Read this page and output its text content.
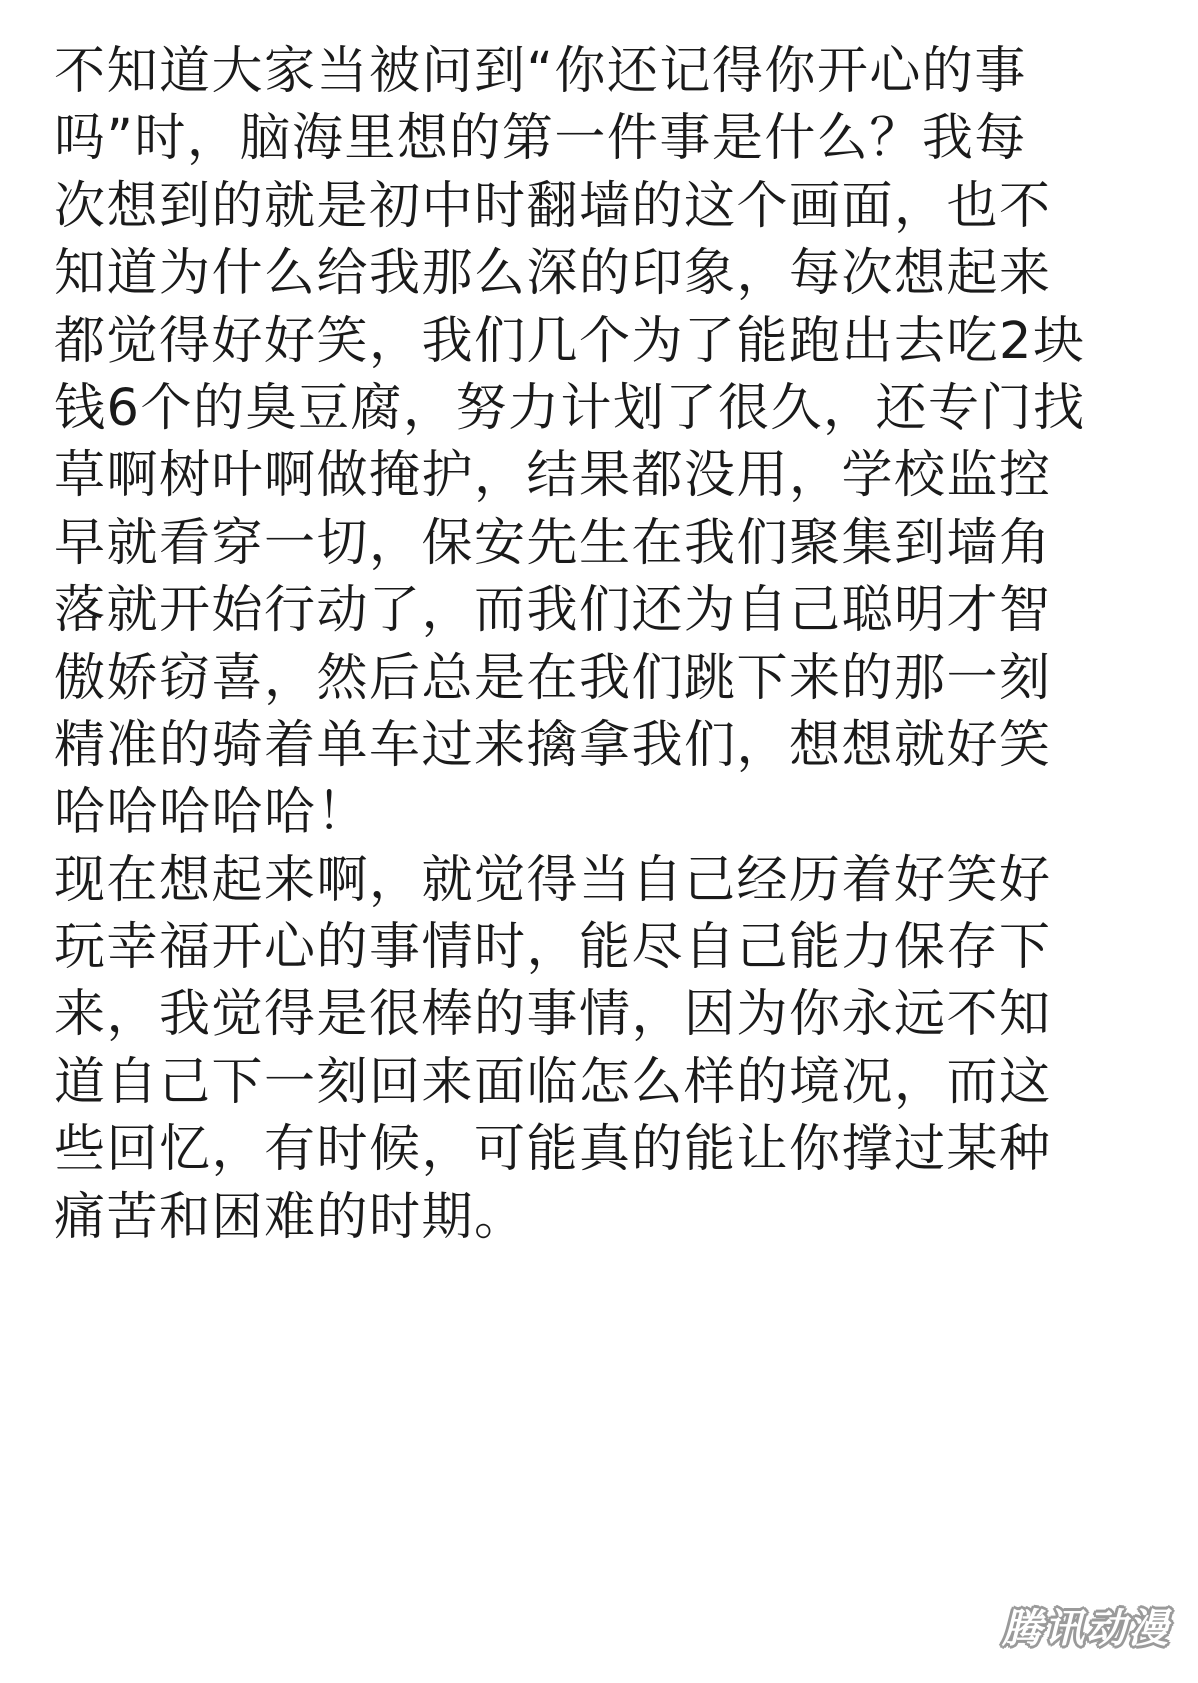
不知道大家当被问到“你还记得你开心的事
吗”时，脑海里想的第一件事是什么？我每
次想到的就是初中时翻墙的这个画面，也不
知道为什么给我那么深的印象，每次想起来
都觉得好好笑，我们几个为了能跑出去吃2块
钱6个的臭豆腐，努力计划了很久，还专门找
草啊树叶啊做掩护，结果都没用，学校监控
早就看穿一切，保安先生在我们聚集到墙角
落就开始行动了，而我们还为自己聪明才智
傲娇窃喜，然后总是在我们跳下来的那一刻
精准的骑着单车过来擒拿我们，想想就好笑
哈哈哈哈哈！
现在想起来啊，就觉得当自己经历着好笑好
玩幸福开心的事情时，能尽自己能力保存下
来，我觉得是很棒的事情，因为你永远不知
道自己下一刻回来面临怎么样的境况，而这
些回忆，有时候，可能真的能让你撑过某种
痛苦和困难的时期。
腾讯动漫
